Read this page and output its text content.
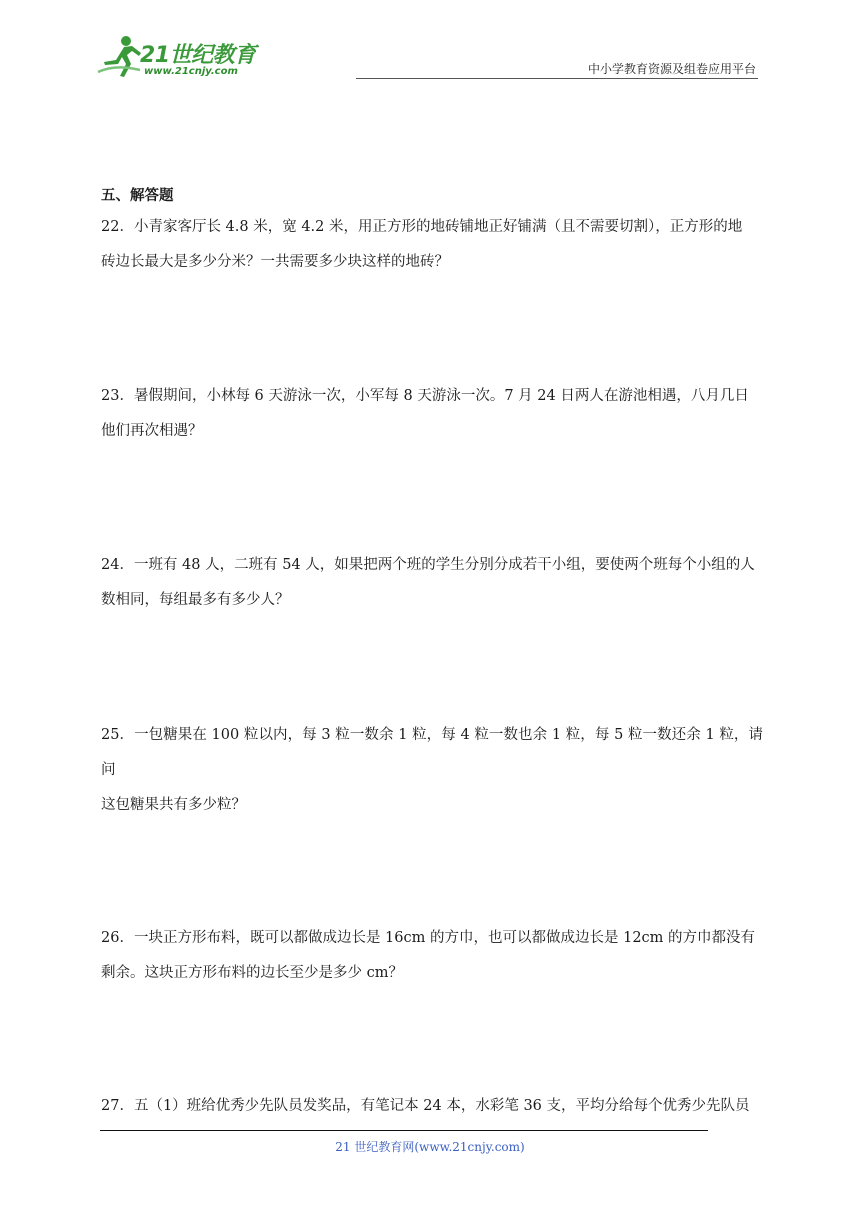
21世纪教育
www.21cnjy.com	中小学教育资源及组卷应用平台
五、解答题
22．小青家客厅长 4.8 米，宽 4.2 米，用正方形的地砖铺地正好铺满（且不需要切割），正方形的地
砖边长最大是多少分米？一共需要多少块这样的地砖？
23．暑假期间，小林每 6 天游泳一次，小军每 8 天游泳一次。7 月 24 日两人在游池相遇，八月几日
他们再次相遇？
24．一班有 48 人，二班有 54 人，如果把两个班的学生分别分成若干小组，要使两个班每个小组的人
数相同，每组最多有多少人？
25．一包糖果在 100 粒以内，每 3 粒一数余 1 粒，每 4 粒一数也余 1 粒，每 5 粒一数还余 1 粒，请问
这包糖果共有多少粒？
26．一块正方形布料，既可以都做成边长是 16cm 的方巾，也可以都做成边长是 12cm 的方巾都没有
剩余。这块正方形布料的边长至少是多少 cm？
27．五（1）班给优秀少先队员发奖品，有笔记本 24 本，水彩笔 36 支，平均分给每个优秀少先队员
21 世纪教育网(www.21cnjy.com)
